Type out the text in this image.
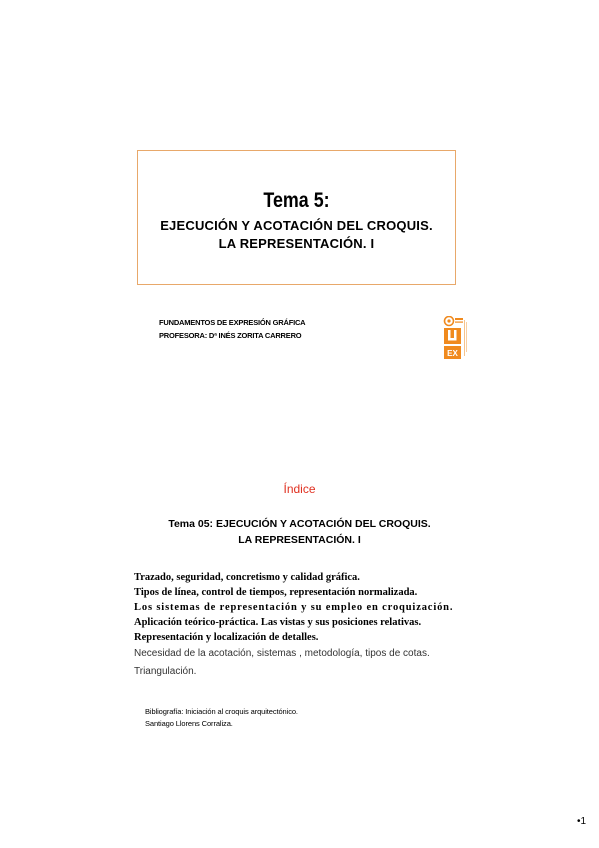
Tema 5:
EJECUCIÓN Y ACOTACIÓN DEL CROQUIS.
LA REPRESENTACIÓN. I
FUNDAMENTOS DE EXPRESIÓN GRÁFICA
PROFESORA: Dª INÉS ZORITA CARRERO
EX
Índice
Tema 05: EJECUCIÓN Y ACOTACIÓN DEL CROQUIS.
LA REPRESENTACIÓN. I
Trazado, seguridad, concretismo y calidad gráfica.
Tipos de línea, control de tiempos, representación normalizada.
Los sistemas de representación y su empleo en croquización.
Aplicación teórico-práctica. Las vistas y sus posiciones relativas.
Representación y localización de detalles.
Necesidad de la acotación, sistemas , metodología, tipos de cotas.
Triangulación.
Bibliografía: Iniciación al croquis arquitectónico.
Santiago Llorens Corraliza.
•1
